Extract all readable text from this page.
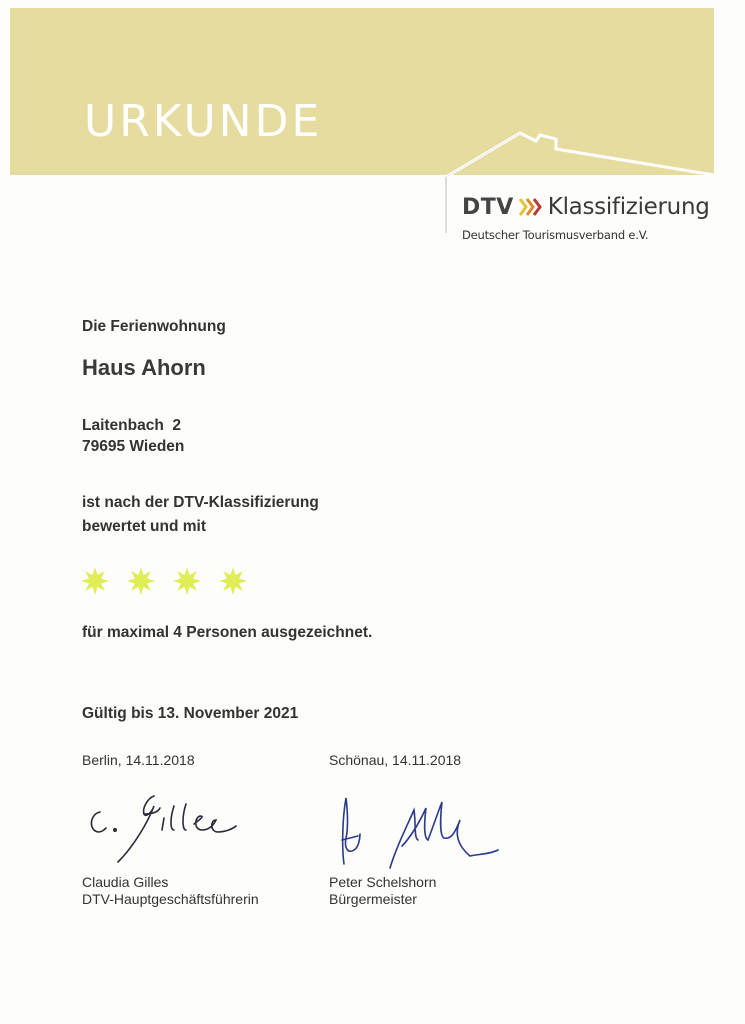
URKUNDE
DTV Klassifizierung
Deutscher Tourismusverband e.V.
Die Ferienwohnung
Haus Ahorn
Laitenbach  2
79695 Wieden
ist nach der DTV-Klassifizierung
bewertet und mit
für maximal 4 Personen ausgezeichnet.
Gültig bis 13. November 2021
Berlin, 14.11.2018	Schönau, 14.11.2018
Claudia Gilles
DTV-Hauptgeschäftsführerin
Peter Schelshorn
Bürgermeister
